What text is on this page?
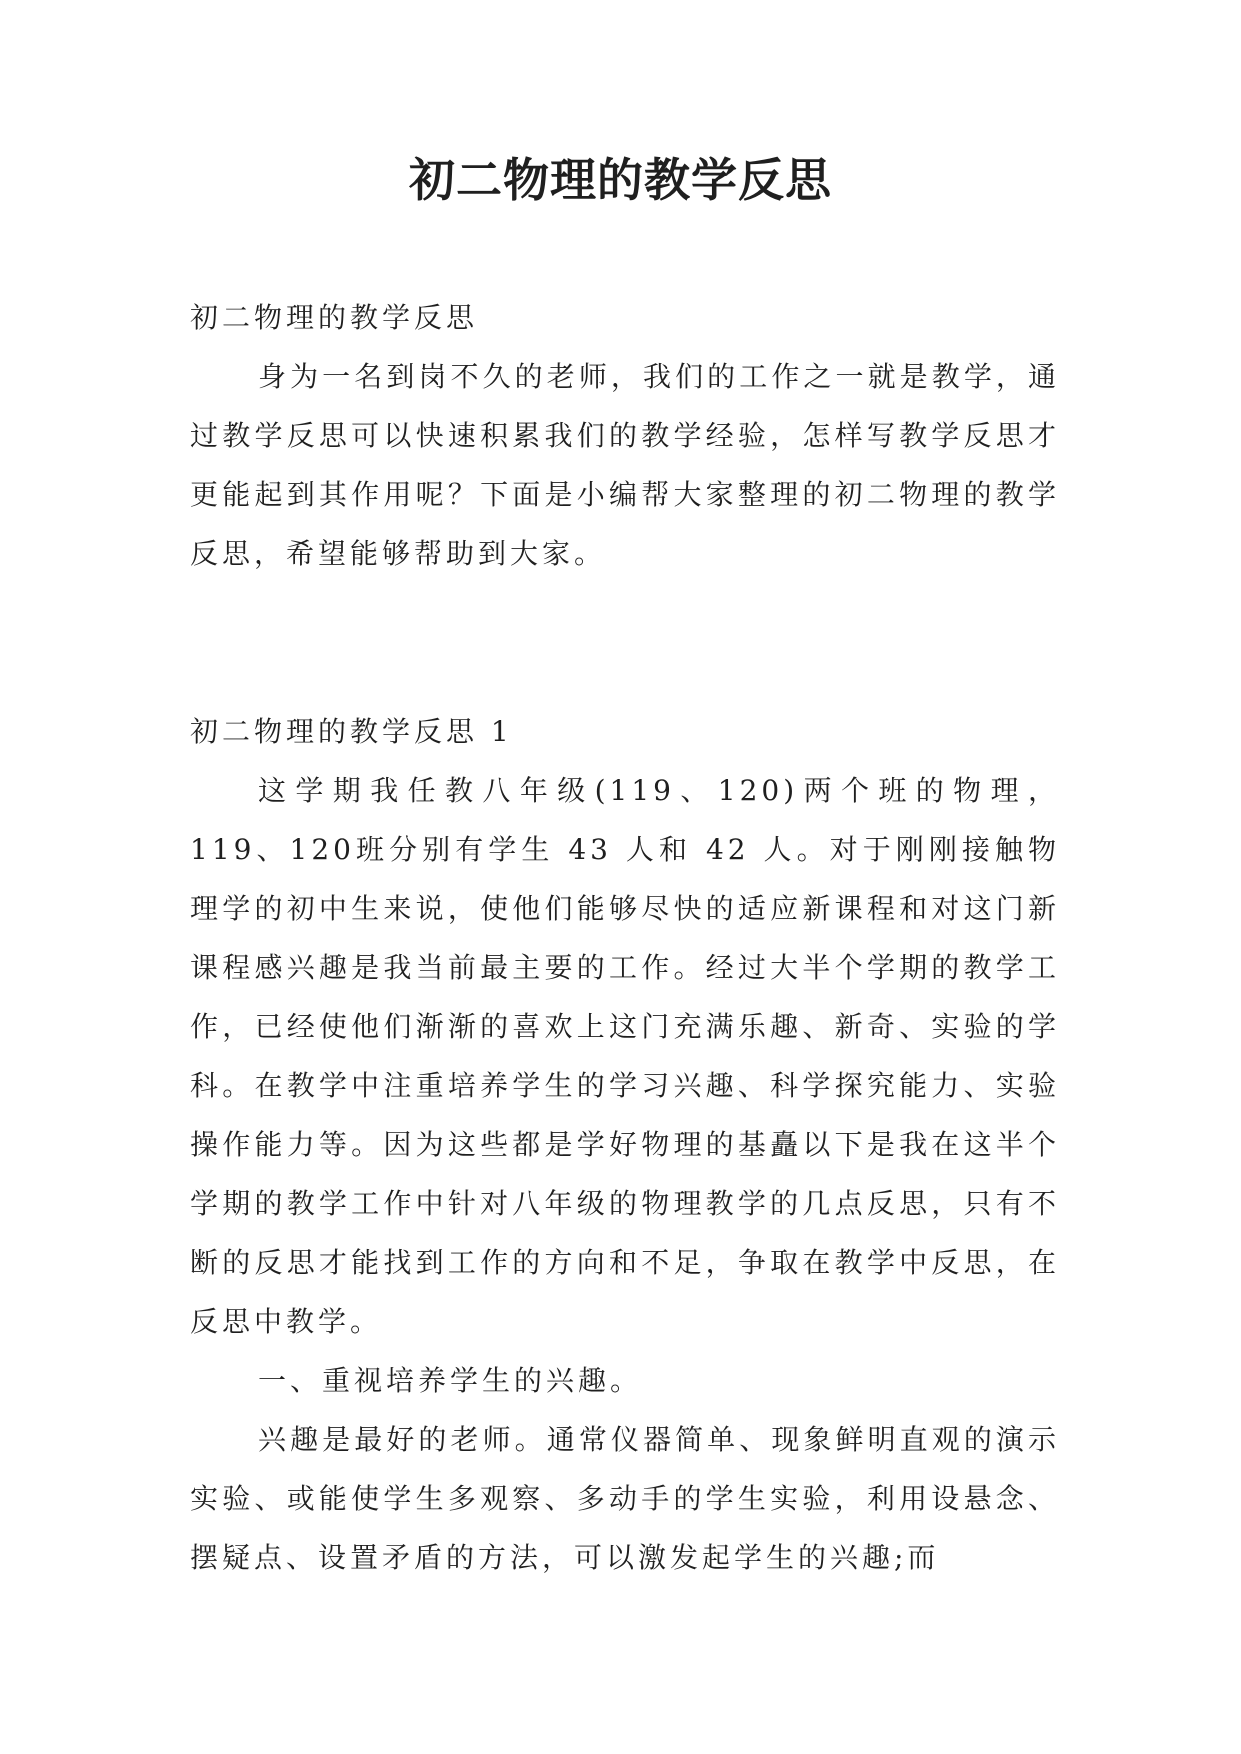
初二物理的教学反思

初二物理的教学反思

身为一名到岗不久的老师，我们的工作之一就是教学，通过教学反思可以快速积累我们的教学经验，怎样写教学反思才更能起到其作用呢？下面是小编帮大家整理的初二物理的教学反思，希望能够帮助到大家。

初二物理的教学反思 1

这学期我任教八年级(119、120)两个班的物理，119、120班分别有学生 43 人和 42 人。对于刚刚接触物理学的初中生来说，使他们能够尽快的适应新课程和对这门新课程感兴趣是我当前最主要的工作。经过大半个学期的教学工作，已经使他们渐渐的喜欢上这门充满乐趣、新奇、实验的学科。在教学中注重培养学生的学习兴趣、科学探究能力、实验操作能力等。因为这些都是学好物理的基矗以下是我在这半个学期的教学工作中针对八年级的物理教学的几点反思，只有不断的反思才能找到工作的方向和不足，争取在教学中反思，在反思中教学。

一、重视培养学生的兴趣。

兴趣是最好的老师。通常仪器简单、现象鲜明直观的演示实验、或能使学生多观察、多动手的学生实验，利用设悬念、摆疑点、设置矛盾的方法，可以激发起学生的兴趣;而
